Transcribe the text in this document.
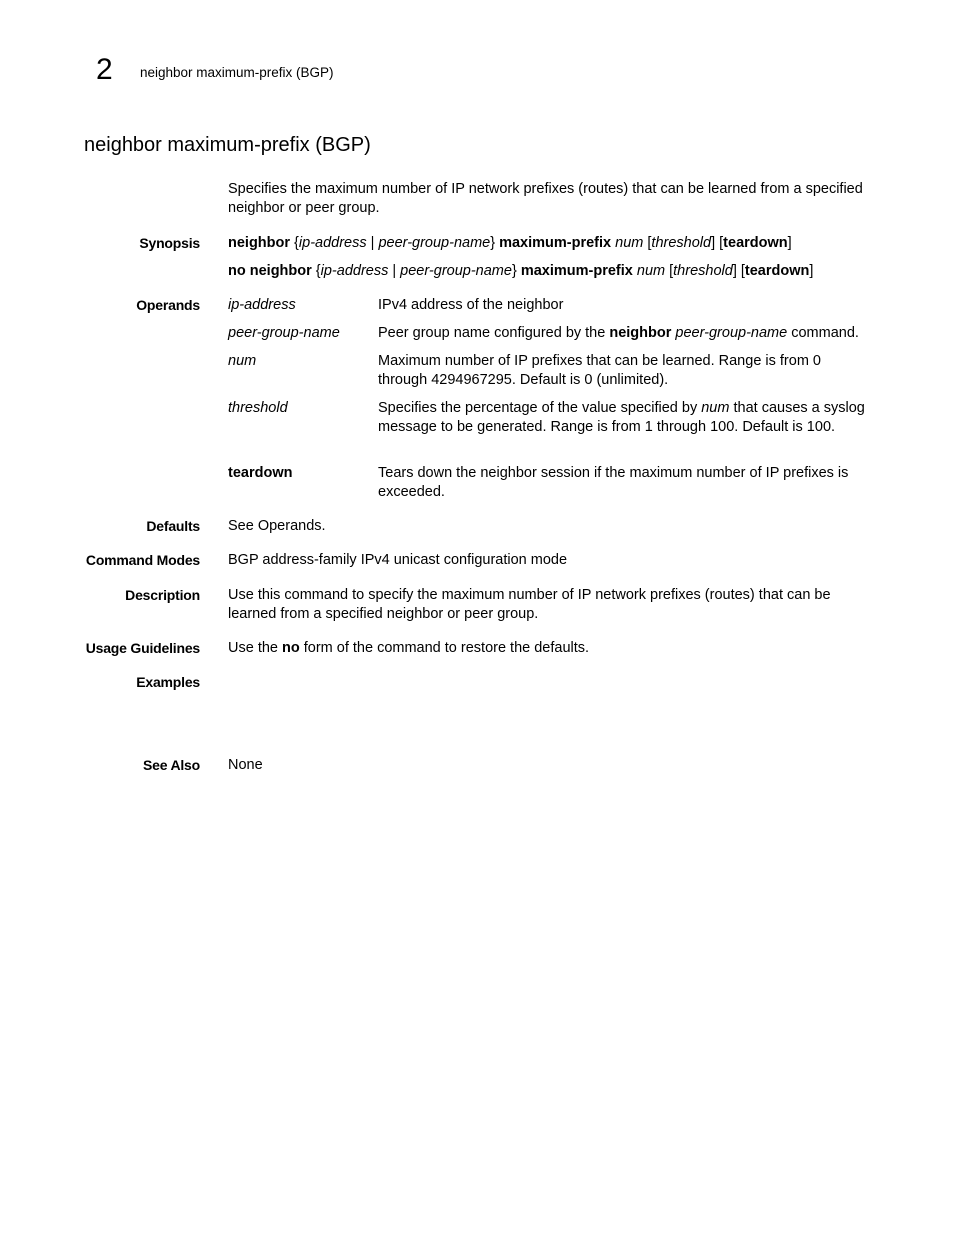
2 neighbor maximum-prefix (BGP)
neighbor maximum-prefix (BGP)
Specifies the maximum number of IP network prefixes (routes) that can be learned from a specified neighbor or peer group.
Synopsis neighbor {ip-address | peer-group-name} maximum-prefix num [threshold] [teardown]
no neighbor {ip-address | peer-group-name} maximum-prefix num [threshold] [teardown]
Operands ip-address	IPv4 address of the neighbor
peer-group-name	Peer group name configured by the neighbor peer-group-name command.
num	Maximum number of IP prefixes that can be learned. Range is from 0 through 4294967295. Default is 0 (unlimited).
threshold	Specifies the percentage of the value specified by num that causes a syslog message to be generated. Range is from 1 through 100. Default is 100.
teardown	Tears down the neighbor session if the maximum number of IP prefixes is exceeded.
Defaults See Operands.
Command Modes BGP address-family IPv4 unicast configuration mode
Description Use this command to specify the maximum number of IP network prefixes (routes) that can be learned from a specified neighbor or peer group.
Usage Guidelines Use the no form of the command to restore the defaults.
Examples
See Also None
